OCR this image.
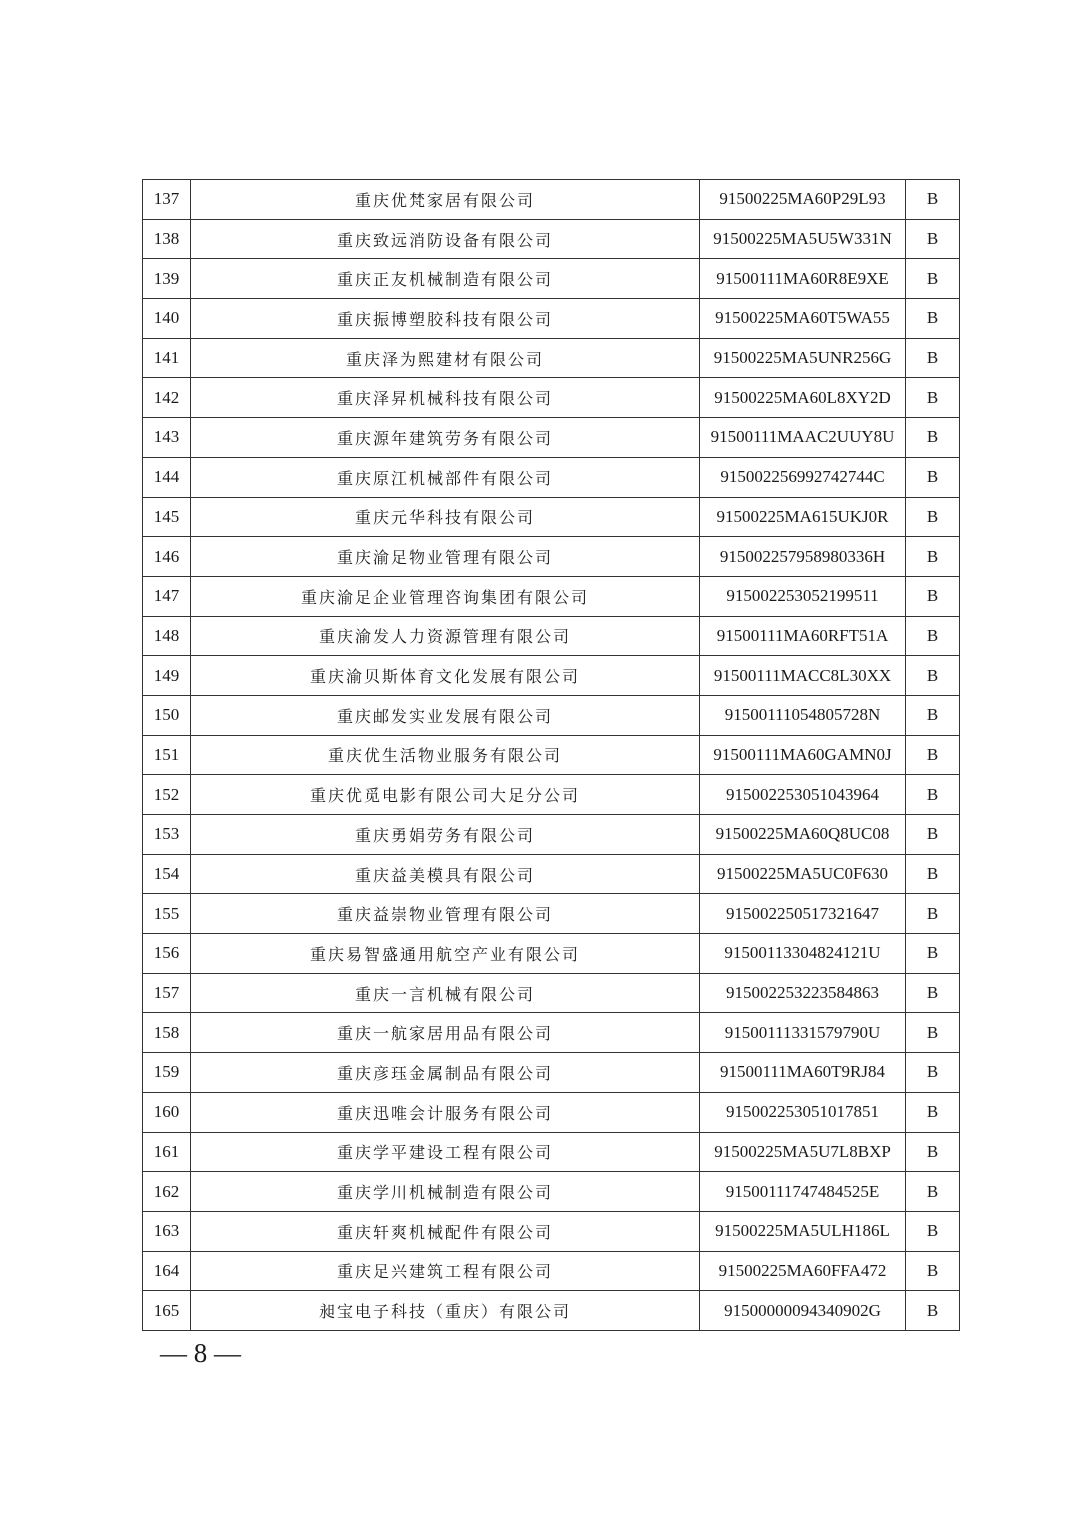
137	重庆优梵家居有限公司	91500225MA60P29L93	B
138	重庆致远消防设备有限公司	91500225MA5U5W331N	B
139	重庆正友机械制造有限公司	91500111MA60R8E9XE	B
140	重庆振博塑胶科技有限公司	91500225MA60T5WA55	B
141	重庆泽为熙建材有限公司	91500225MA5UNR256G	B
142	重庆泽昇机械科技有限公司	91500225MA60L8XY2D	B
143	重庆源年建筑劳务有限公司	91500111MAAC2UUY8U	B
144	重庆原江机械部件有限公司	915002256992742744C	B
145	重庆元华科技有限公司	91500225MA615UKJ0R	B
146	重庆渝足物业管理有限公司	915002257958980336H	B
147	重庆渝足企业管理咨询集团有限公司	915002253052199511	B
148	重庆渝发人力资源管理有限公司	91500111MA60RFT51A	B
149	重庆渝贝斯体育文化发展有限公司	91500111MACC8L30XX	B
150	重庆邮发实业发展有限公司	91500111054805728N	B
151	重庆优生活物业服务有限公司	91500111MA60GAMN0J	B
152	重庆优觅电影有限公司大足分公司	915002253051043964	B
153	重庆勇娟劳务有限公司	91500225MA60Q8UC08	B
154	重庆益美模具有限公司	91500225MA5UC0F630	B
155	重庆益崇物业管理有限公司	915002250517321647	B
156	重庆易智盛通用航空产业有限公司	91500113304824121U	B
157	重庆一言机械有限公司	915002253223584863	B
158	重庆一航家居用品有限公司	91500111331579790U	B
159	重庆彦珏金属制品有限公司	91500111MA60T9RJ84	B
160	重庆迅唯会计服务有限公司	915002253051017851	B
161	重庆学平建设工程有限公司	91500225MA5U7L8BXP	B
162	重庆学川机械制造有限公司	91500111747484525E	B
163	重庆轩爽机械配件有限公司	91500225MA5ULH186L	B
164	重庆足兴建筑工程有限公司	91500225MA60FFA472	B
165	昶宝电子科技（重庆）有限公司	91500000094340902G	B
— 8 —
